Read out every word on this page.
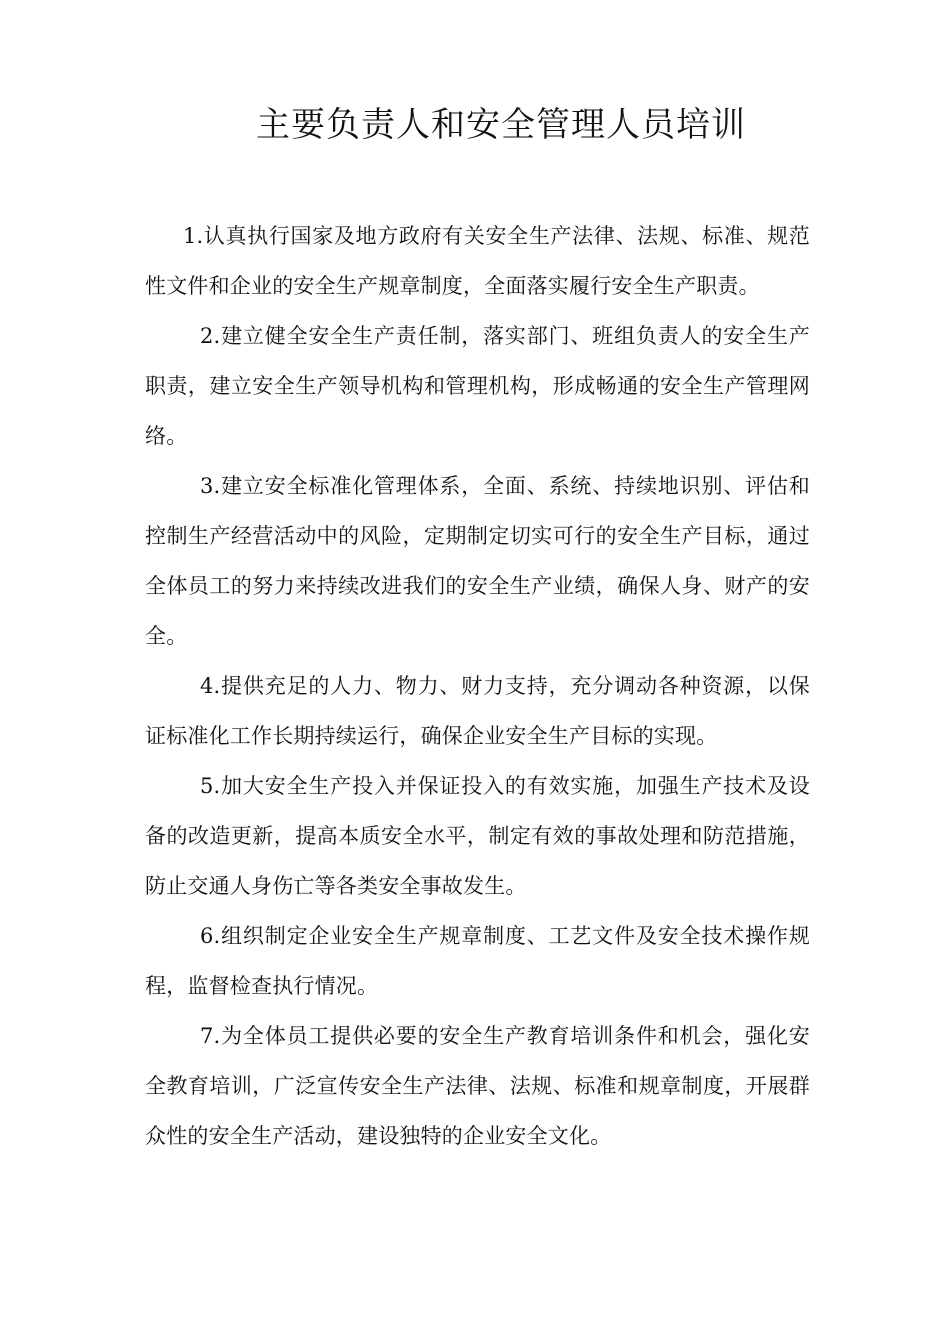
主要负责人和安全管理人员培训

1.认真执行国家及地方政府有关安全生产法律、法规、标准、规范性文件和企业的安全生产规章制度，全面落实履行安全生产职责。

2.建立健全安全生产责任制，落实部门、班组负责人的安全生产职责，建立安全生产领导机构和管理机构，形成畅通的安全生产管理网络。

3.建立安全标准化管理体系，全面、系统、持续地识别、评估和控制生产经营活动中的风险，定期制定切实可行的安全生产目标，通过全体员工的努力来持续改进我们的安全生产业绩，确保人身、财产的安全。

4.提供充足的人力、物力、财力支持，充分调动各种资源，以保证标准化工作长期持续运行，确保企业安全生产目标的实现。

5.加大安全生产投入并保证投入的有效实施，加强生产技术及设备的改造更新，提高本质安全水平，制定有效的事故处理和防范措施，防止交通人身伤亡等各类安全事故发生。

6.组织制定企业安全生产规章制度、工艺文件及安全技术操作规程，监督检查执行情况。

7.为全体员工提供必要的安全生产教育培训条件和机会，强化安全教育培训，广泛宣传安全生产法律、法规、标准和规章制度，开展群众性的安全生产活动，建设独特的企业安全文化。
